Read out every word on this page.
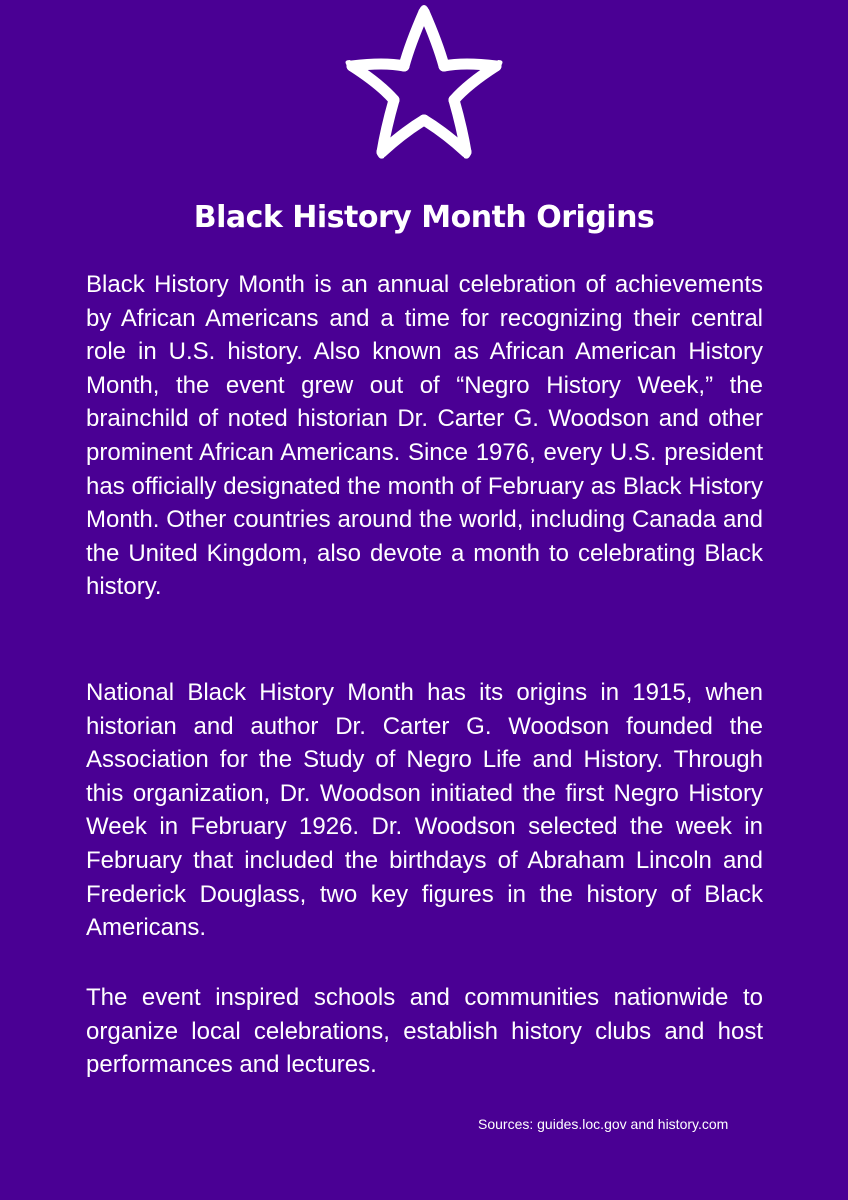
Black History Month Origins

Black History Month is an annual celebration of achievements by African Americans and a time for recognizing their central role in U.S. history. Also known as African American History Month, the event grew out of “Negro History Week,” the brainchild of noted historian Dr. Carter G. Woodson and other prominent African Americans. Since 1976, every U.S. president has officially designated the month of February as Black History Month. Other countries around the world, including Canada and the United Kingdom, also devote a month to celebrating Black history.

National Black History Month has its origins in 1915, when historian and author Dr. Carter G. Woodson founded the Association for the Study of Negro Life and History. Through this organization, Dr. Woodson initiated the first Negro History Week in February 1926. Dr. Woodson selected the week in February that included the birthdays of Abraham Lincoln and Frederick Douglass, two key figures in the history of Black Americans.

The event inspired schools and communities nationwide to organize local celebrations, establish history clubs and host performances and lectures.

Sources: guides.loc.gov and history.com
